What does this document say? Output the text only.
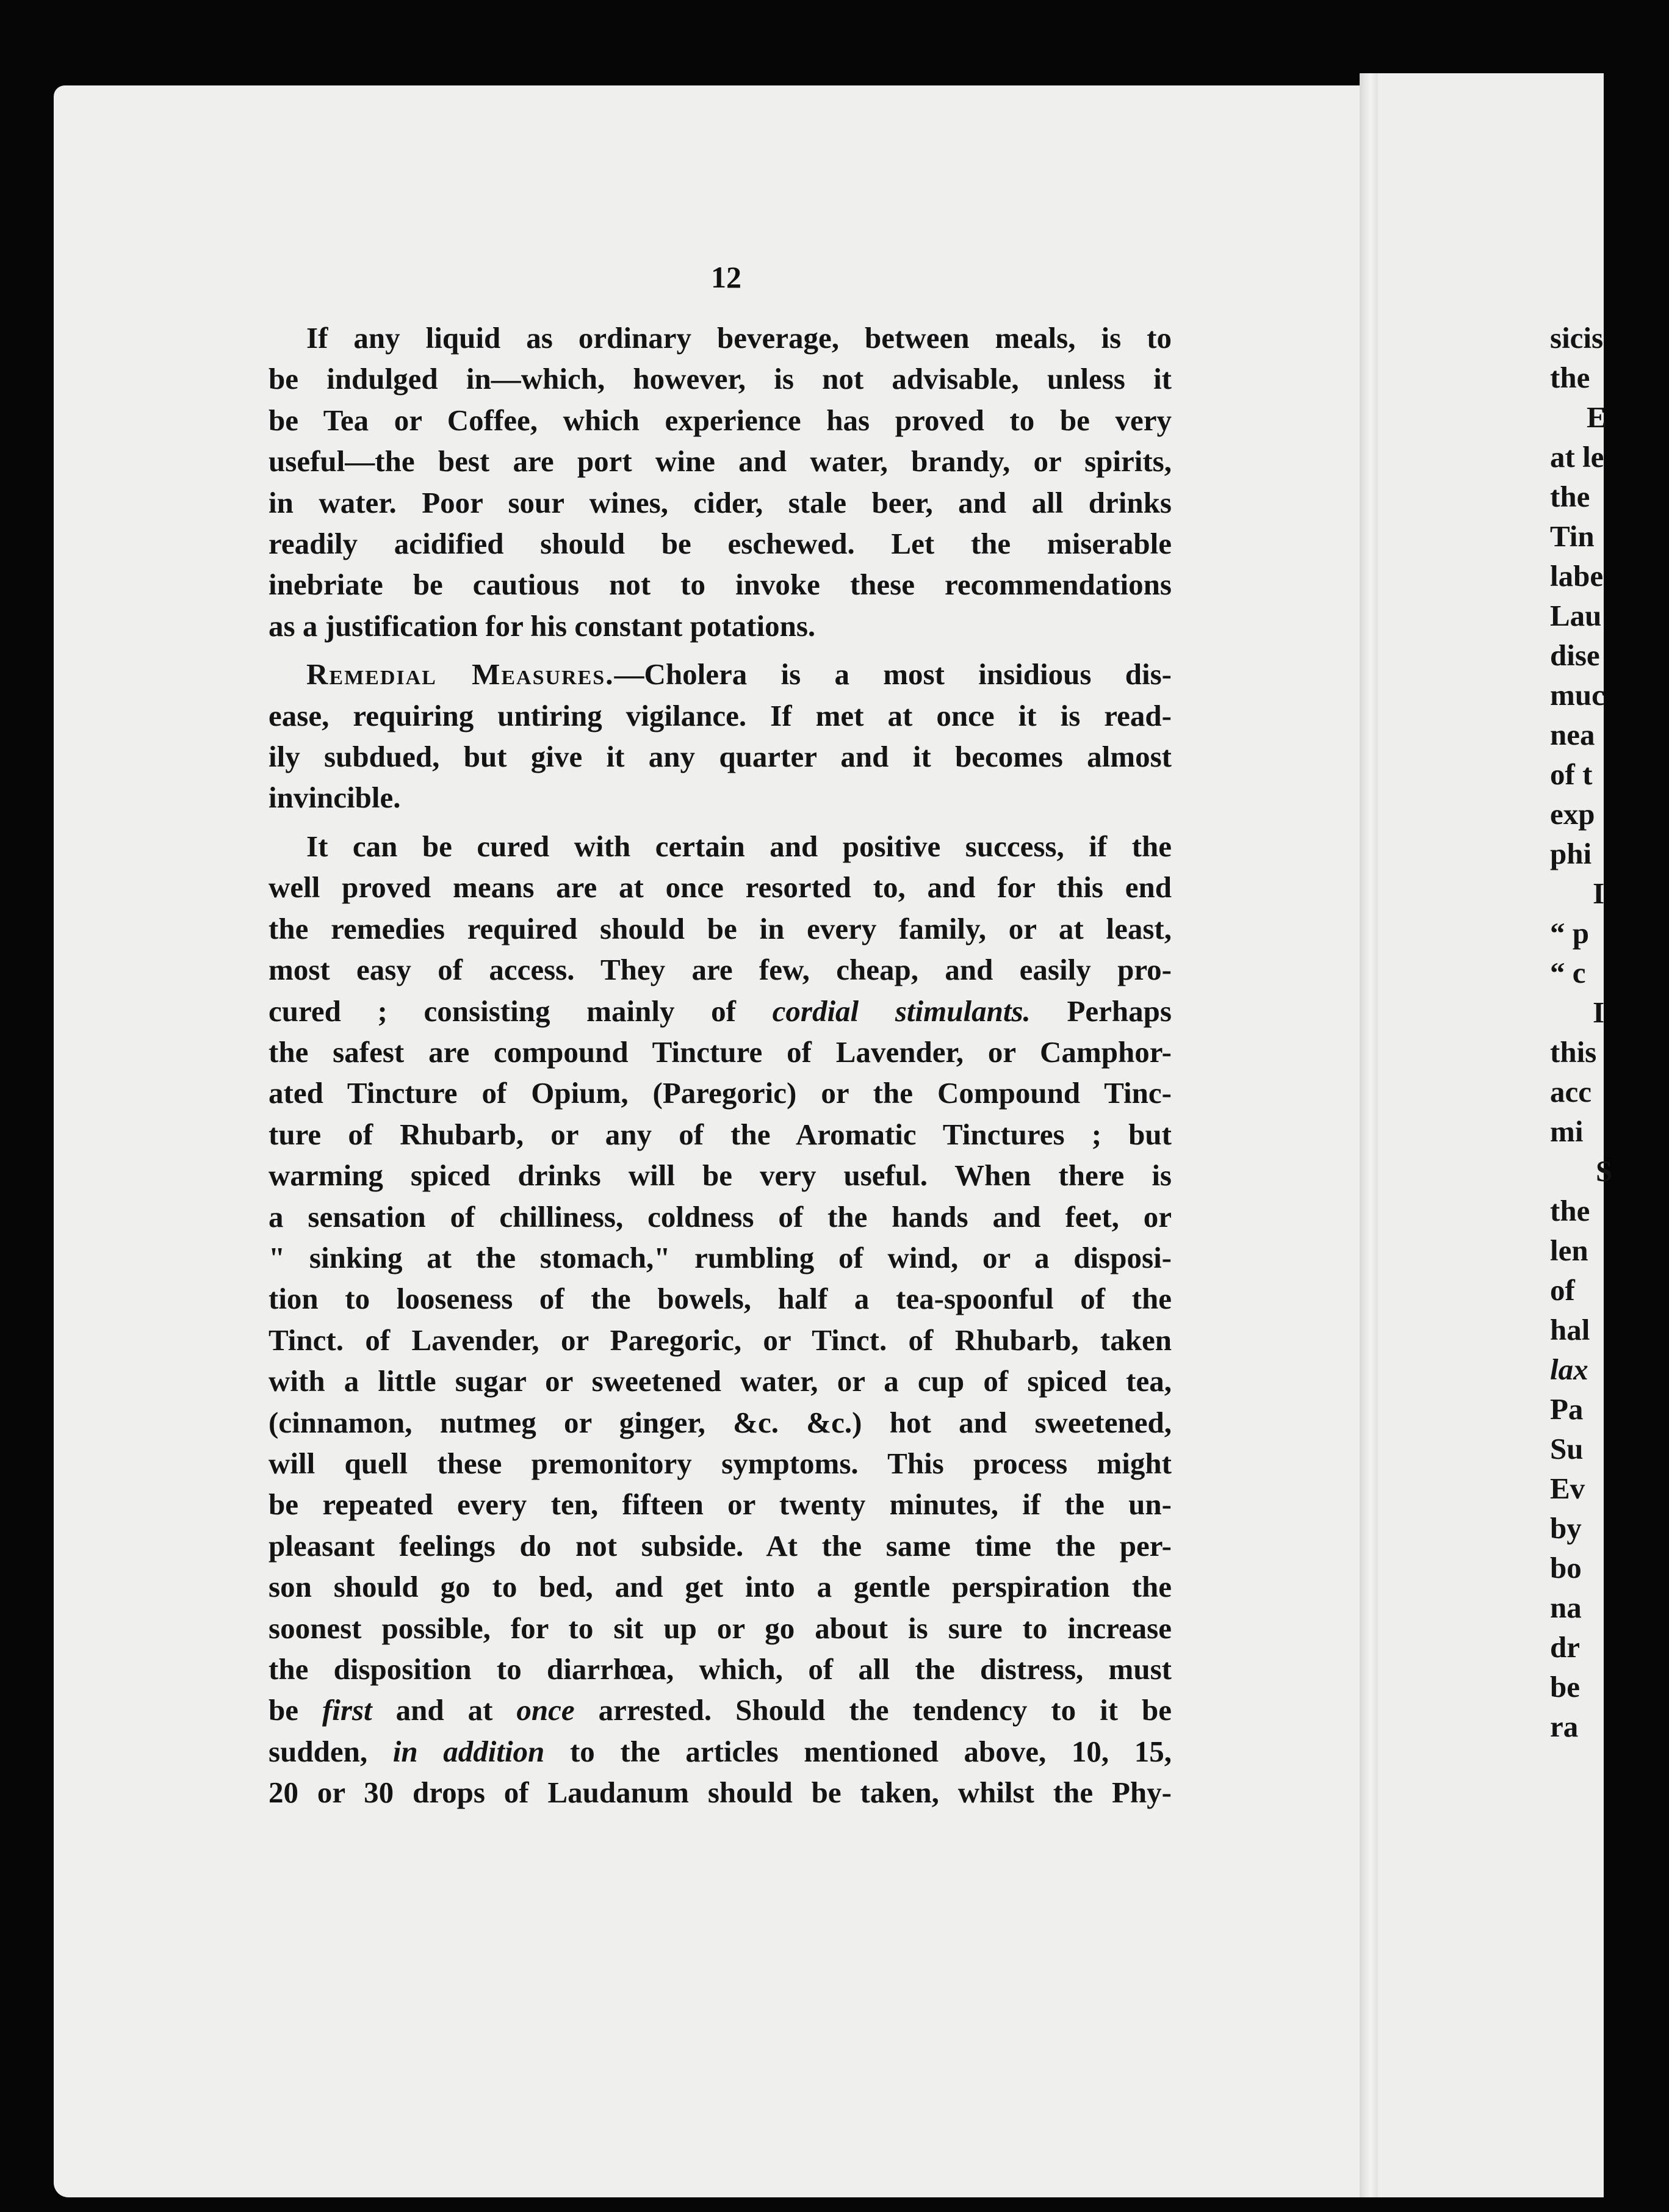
12
If any liquid as ordinary beverage, between meals, is to
be indulged in—which, however, is not advisable, unless it
be Tea or Coffee, which experience has proved to be very
useful—the best are port wine and water, brandy, or spirits,
in water. Poor sour wines, cider, stale beer, and all drinks
readily acidified should be eschewed. Let the miserable
inebriate be cautious not to invoke these recommendations
as a justification for his constant potations.
Remedial Measures.—Cholera is a most insidious dis-
ease, requiring untiring vigilance. If met at once it is read-
ily subdued, but give it any quarter and it becomes almost
invincible.
It can be cured with certain and positive success, if the
well proved means are at once resorted to, and for this end
the remedies required should be in every family, or at least,
most easy of access. They are few, cheap, and easily pro-
cured ; consisting mainly of cordial stimulants. Perhaps
the safest are compound Tincture of Lavender, or Camphor-
ated Tincture of Opium, (Paregoric) or the Compound Tinc-
ture of Rhubarb, or any of the Aromatic Tinctures ; but
warming spiced drinks will be very useful. When there is
a sensation of chilliness, coldness of the hands and feet, or
" sinking at the stomach," rumbling of wind, or a disposi-
tion to looseness of the bowels, half a tea-spoonful of the
Tinct. of Lavender, or Paregoric, or Tinct. of Rhubarb, taken
with a little sugar or sweetened water, or a cup of spiced tea,
(cinnamon, nutmeg or ginger, &c. &c.) hot and sweetened,
will quell these premonitory symptoms. This process might
be repeated every ten, fifteen or twenty minutes, if the un-
pleasant feelings do not subside. At the same time the per-
son should go to bed, and get into a gentle perspiration the
soonest possible, for to sit up or go about is sure to increase
the disposition to diarrhœa, which, of all the distress, must
be first and at once arrested. Should the tendency to it be
sudden, in addition to the articles mentioned above, 10, 15,
20 or 30 drops of Laudanum should be taken, whilst the Phy-
sicis
the
E
at le
the
Tin
labe
Lau
dise
muc
nea
of t
exp
phi
I
“ p
“ c
I
this
acc
mi
S
the
len
of
hal
lax
Pa
Su
Ev
by
bo
na
dr
be
ra
